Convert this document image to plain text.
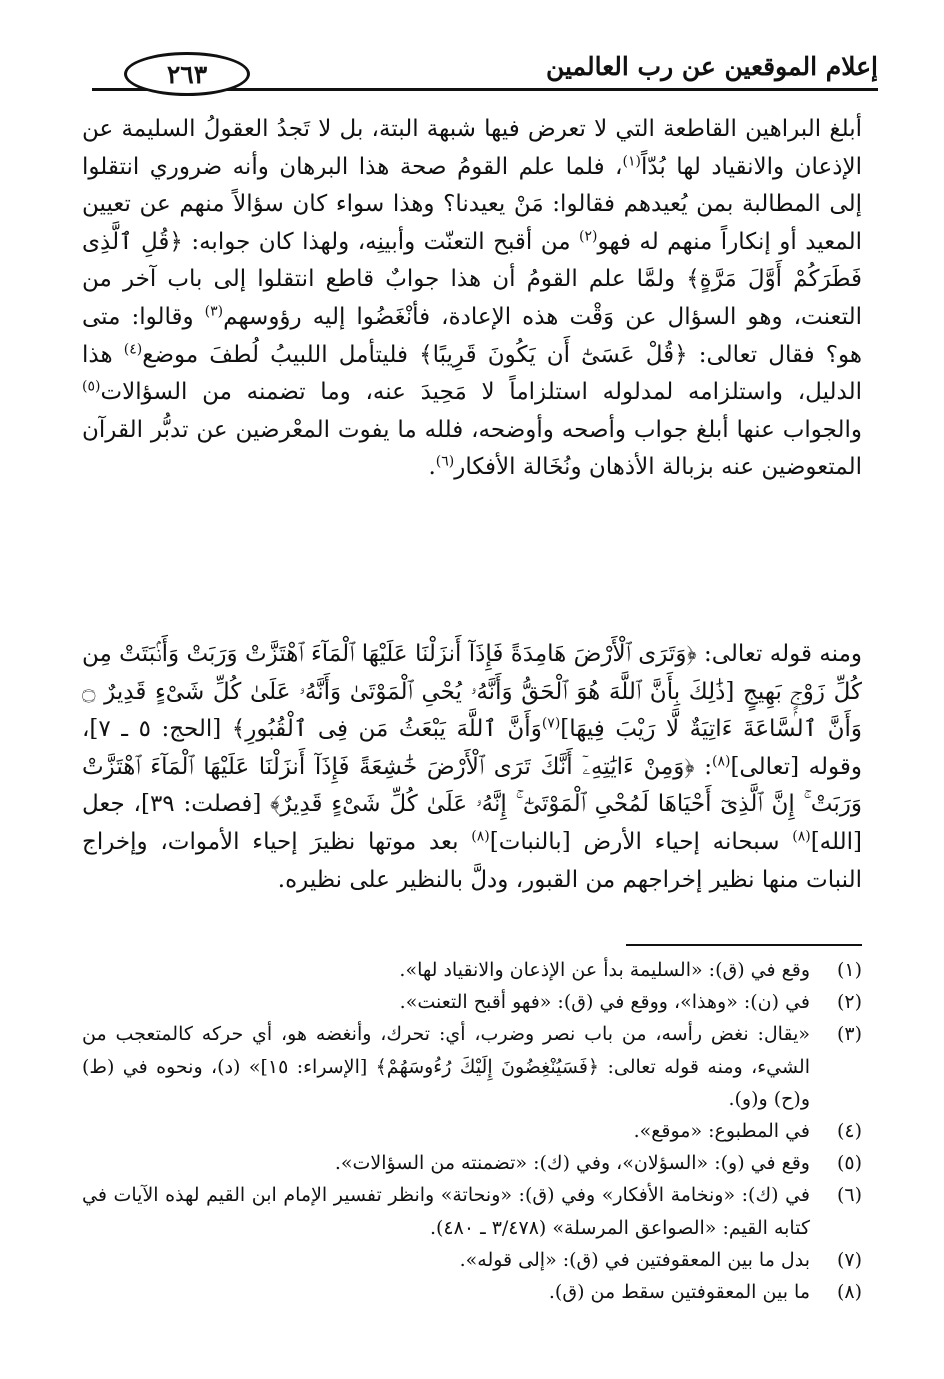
إعلام الموقعين عن رب العالمين
٢٦٣
أبلغ البراهين القاطعة التي لا تعرض فيها شبهة البتة، بل لا تَجدُ العقولُ السليمة عن الإذعان والانقياد لها بُدّاً$^{(١)}$، فلما علم القومُ صحة هذا البرهان وأنه ضروري انتقلوا إلى المطالبة بمن يُعيدهم فقالوا: مَنْ يعيدنا؟ وهذا سواء كان سؤالاً منهم عن تعيين المعيد أو إنكاراً منهم له فهو$^{(٢)}$ من أقبح التعنّت وأبينِه، ولهذا كان جوابه: ﴿قُلِ ٱلَّذِى فَطَرَكُمْ أَوَّلَ مَرَّةٍ﴾ ولمَّا علم القومُ أن هذا جوابٌ قاطع انتقلوا إلى باب آخر من التعنت، وهو السؤال عن وَقْت هذه الإعادة، فأنْغَضُوا إليه رؤوسهم$^{(٣)}$ وقالوا: متى هو؟ فقال تعالى: ﴿قُلْ عَسَىٰٓ أَن يَكُونَ قَرِيبًا﴾ فليتأمل اللبيبُ لُطفَ موضع$^{(٤)}$ هذا الدليل، واستلزامه لمدلوله استلزاماً لا مَحِيدَ عنه، وما تضمنه من السؤالات$^{(٥)}$ والجواب عنها أبلغ جواب وأصحه وأوضحه، فلله ما يفوت المعْرضين عن تدبُّر القرآن المتعوضين عنه بزبالة الأذهان ونُخَالة الأفكار$^{(٦)}$.
ومنه قوله تعالى: ﴿وَتَرَى ٱلْأَرْضَ هَامِدَةً فَإِذَآ أَنزَلْنَا عَلَيْهَا ٱلْمَآءَ ٱهْتَزَّتْ وَرَبَتْ وَأَنۢبَتَتْ مِن كُلِّ زَوْجٍۭ بَهِيجٍ [ذَٰلِكَ بِأَنَّ ٱللَّهَ هُوَ ٱلْحَقُّ وَأَنَّهُۥ يُحْىِ ٱلْمَوْتَىٰ وَأَنَّهُۥ عَلَىٰ كُلِّ شَىْءٍ قَدِيرٌ ۝ وَأَنَّ ٱلسَّاعَةَ ءَاتِيَةٌ لَّا رَيْبَ فِيهَا]$^{(٧)}$وَأَنَّ ٱللَّهَ يَبْعَثُ مَن فِى ٱلْقُبُورِ﴾ [الحج: ٥ ـ ٧]، وقوله [تعالى]$^{(٨)}$: ﴿وَمِنْ ءَايَٰتِهِۦٓ أَنَّكَ تَرَى ٱلْأَرْضَ خَٰشِعَةً فَإِذَآ أَنزَلْنَا عَلَيْهَا ٱلْمَآءَ ٱهْتَزَّتْ وَرَبَتْ ۚ إِنَّ ٱلَّذِىٓ أَحْيَاهَا لَمُحْىِ ٱلْمَوْتَىٰٓ ۚ إِنَّهُۥ عَلَىٰ كُلِّ شَىْءٍ قَدِيرٌ﴾ [فصلت: ٣٩]، جعل [الله]$^{(٨)}$ سبحانه إحياء الأرض [بالنبات]$^{(٨)}$ بعد موتها نظيرَ إحياء الأموات، وإخراج النبات منها نظير إخراجهم من القبور، ودلَّ بالنظير على نظيره.
(١)
وقع في (ق): «السليمة بدأ عن الإذعان والانقياد لها».
(٢)
في (ن): «وهذا»، ووقع في (ق): «فهو أقبح التعنت».
(٣)
«يقال: نغض رأسه، من باب نصر وضرب، أي: تحرك، وأنغضه هو، أي حركه كالمتعجب من الشيء، ومنه قوله تعالى: ﴿فَسَيُنْغِضُونَ إِلَيْكَ رُءُوسَهُمْ﴾ [الإسراء: ١٥]» (د)، ونحوه في (ط) و(ح) و(و).
(٤)
في المطبوع: «موقع».
(٥)
وقع في (و): «السؤلان»، وفي (ك): «تضمنته من السؤالات».
(٦)
في (ك): «ونخامة الأفكار» وفي (ق): «ونحاتة» وانظر تفسير الإمام ابن القيم لهذه الآيات في كتابه القيم: «الصواعق المرسلة» (٣/٤٧٨ ـ ٤٨٠).
(٧)
بدل ما بين المعقوفتين في (ق): «إلى قوله».
(٨)
ما بين المعقوفتين سقط من (ق).
